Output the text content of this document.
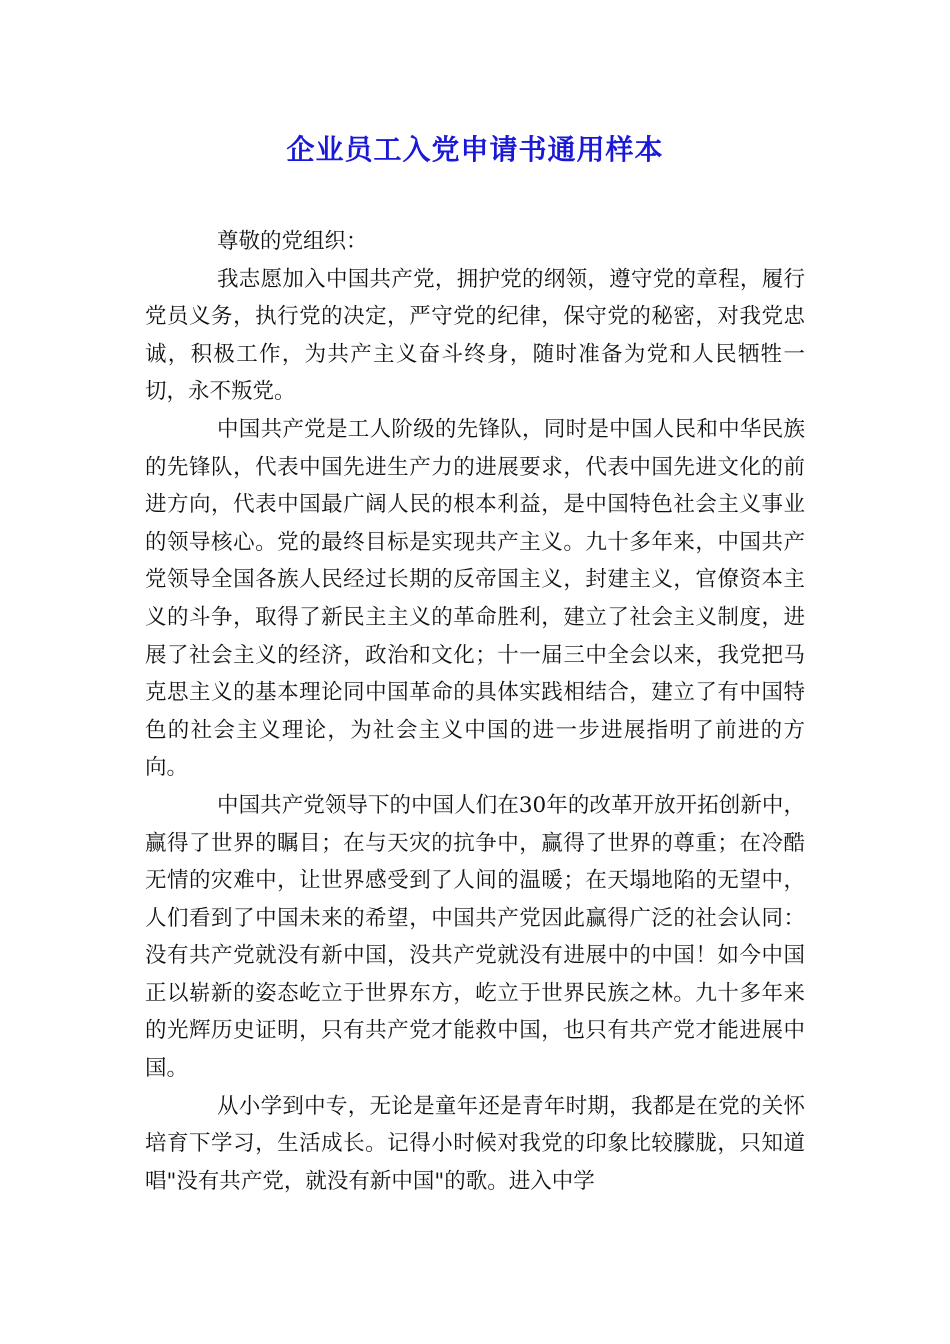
企业员工入党申请书通用样本

尊敬的党组织：

我志愿加入中国共产党，拥护党的纲领，遵守党的章程，履行党员义务，执行党的决定，严守党的纪律，保守党的秘密，对我党忠诚，积极工作，为共产主义奋斗终身，随时准备为党和人民牺牲一切，永不叛党。

中国共产党是工人阶级的先锋队，同时是中国人民和中华民族的先锋队，代表中国先进生产力的进展要求，代表中国先进文化的前进方向，代表中国最广阔人民的根本利益，是中国特色社会主义事业的领导核心。党的最终目标是实现共产主义。九十多年来，中国共产党领导全国各族人民经过长期的反帝国主义，封建主义，官僚资本主义的斗争，取得了新民主主义的革命胜利，建立了社会主义制度，进展了社会主义的经济，政治和文化；十一届三中全会以来，我党把马克思主义的基本理论同中国革命的具体实践相结合，建立了有中国特色的社会主义理论，为社会主义中国的进一步进展指明了前进的方向。

中国共产党领导下的中国人们在30年的改革开放开拓创新中，赢得了世界的瞩目；在与天灾的抗争中，赢得了世界的尊重；在冷酷无情的灾难中，让世界感受到了人间的温暖；在天塌地陷的无望中，人们看到了中国未来的希望，中国共产党因此赢得广泛的社会认同：没有共产党就没有新中国，没共产党就没有进展中的中国！如今中国正以崭新的姿态屹立于世界东方，屹立于世界民族之林。九十多年来的光辉历史证明，只有共产党才能救中国，也只有共产党才能进展中国。

从小学到中专，无论是童年还是青年时期，我都是在党的关怀培育下学习，生活成长。记得小时候对我党的印象比较朦胧，只知道唱"没有共产党，就没有新中国"的歌。进入中学
